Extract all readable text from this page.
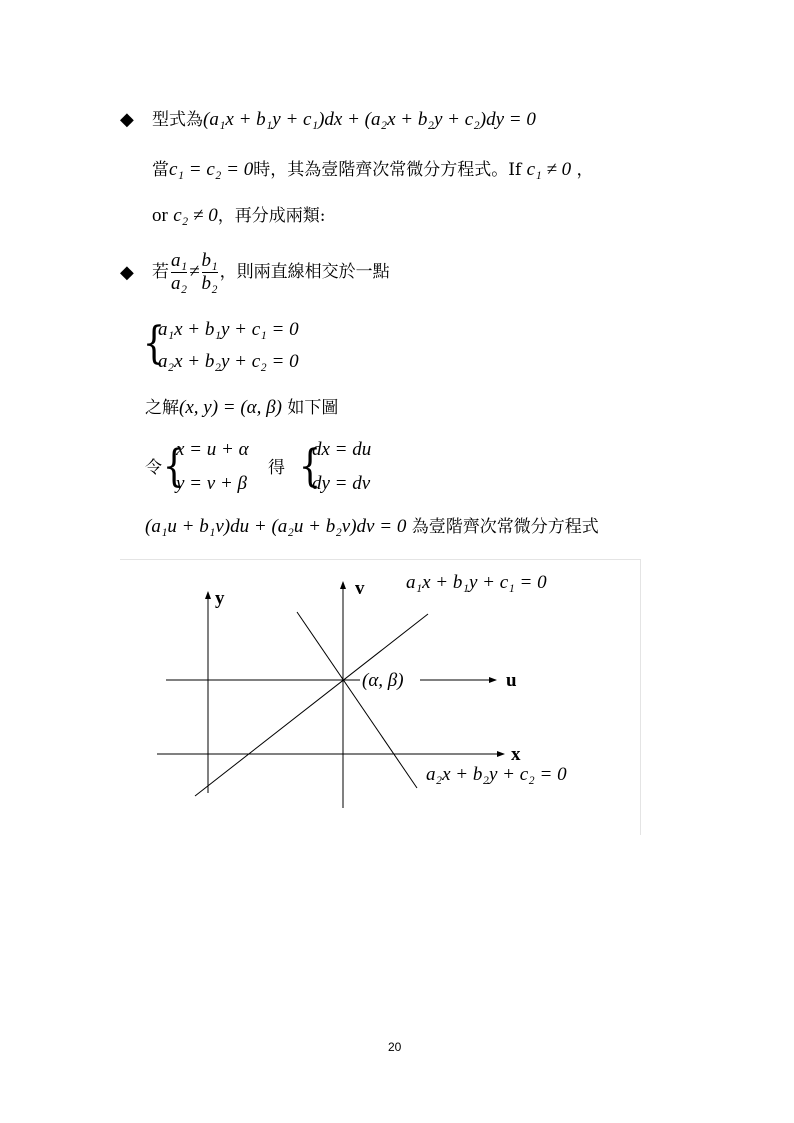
◆ 型式為(a₁x + b₁y + c₁)dx + (a₂x + b₂y + c₂)dy = 0
當c₁ = c₂ = 0時，其為壹階齊次常微分方程式。If c₁ ≠ 0 ，
or c₂ ≠ 0，再分成兩類:
◆ 若 $\frac{\text{a₁}}{\text{a₂}} \ne \frac{\text{b₁}}{\text{b₂}}$ ，則兩直線相交於一點
{
a₁x + b₁y + c₁ = 0
a₂x + b₂y + c₂ = 0
之解(x, y) = (α, β) 如下圖
令 {
x = u + α
y = v + β
得 {
dx = du
dy = dv
(a₁u + b₁v)du + (a₂u + b₂v)dv = 0 為壹階齊次常微分方程式
y	v
u
x
(α, β)
a₁x + b₁y + c₁ = 0
a₂x + b₂y + c₂ = 0
20
